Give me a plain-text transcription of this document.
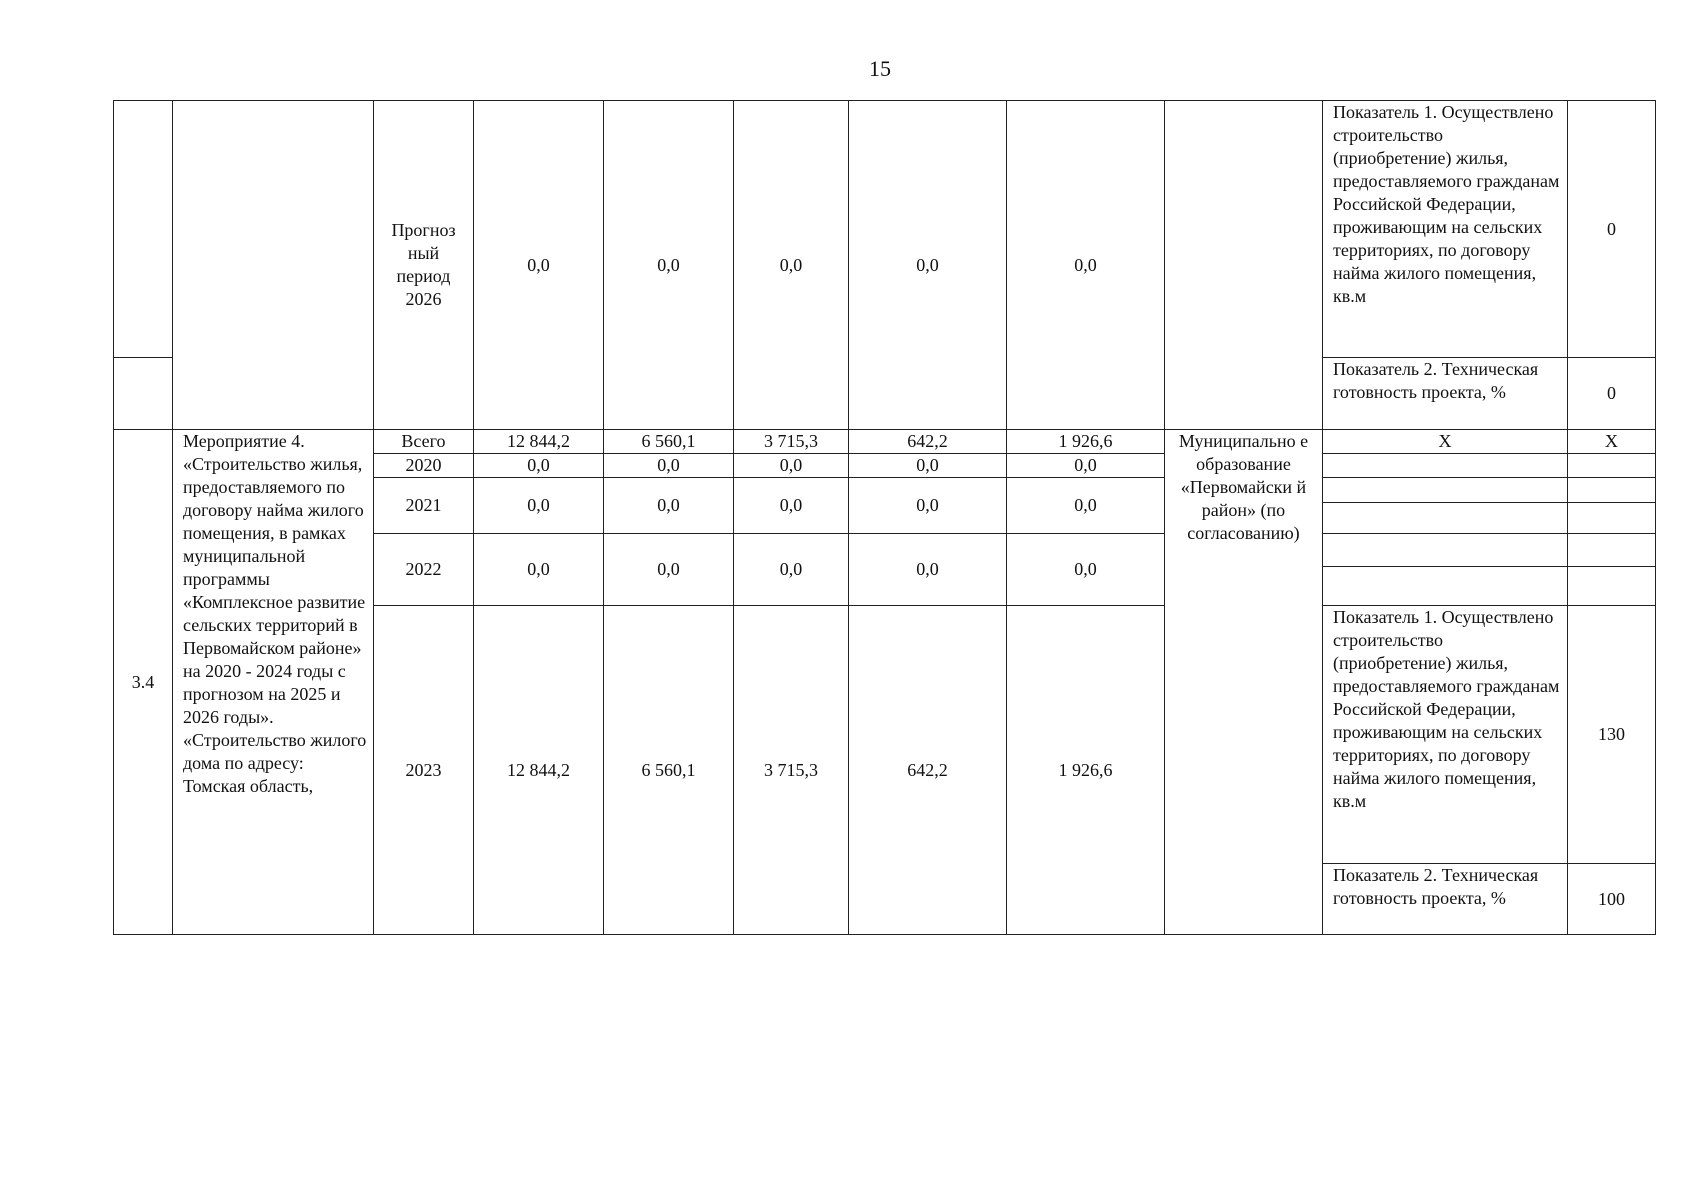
15
		Прогноз
ный
период
2026	0,0	0,0	0,0	0,0	0,0		Показатель 1. Осуществлено строительство (приобретение) жилья, предоставляемого гражданам Российской Федерации, проживающим на сельских территориях, по договору найма жилого помещения, кв.м	0
									Показатель 2. Техническая готовность проекта, %	0
3.4	Мероприятие 4. «Строительство жилья, предоставляемого по договору найма жилого помещения, в рамках муниципальной программы «Комплексное развитие сельских территорий в Первомайском районе» на 2020 - 2024 годы с прогнозом на 2025 и 2026 годы». «Строительство жилого дома по адресу: Томская область,	Всего	12 844,2	6 560,1	3 715,3	642,2	1 926,6	Муниципально е образование «Первомайски й район» (по согласованию)	X	X
		2020	0,0	0,0	0,0	0,0	0,0			
		2021	0,0	0,0	0,0	0,0	0,0			
		2022	0,0	0,0	0,0	0,0	0,0			
		2023	12 844,2	6 560,1	3 715,3	642,2	1 926,6		Показатель 1. Осуществлено строительство (приобретение) жилья, предоставляемого гражданам Российской Федерации, проживающим на сельских территориях, по договору найма жилого помещения, кв.м	130
									Показатель 2. Техническая готовность проекта, %	100
